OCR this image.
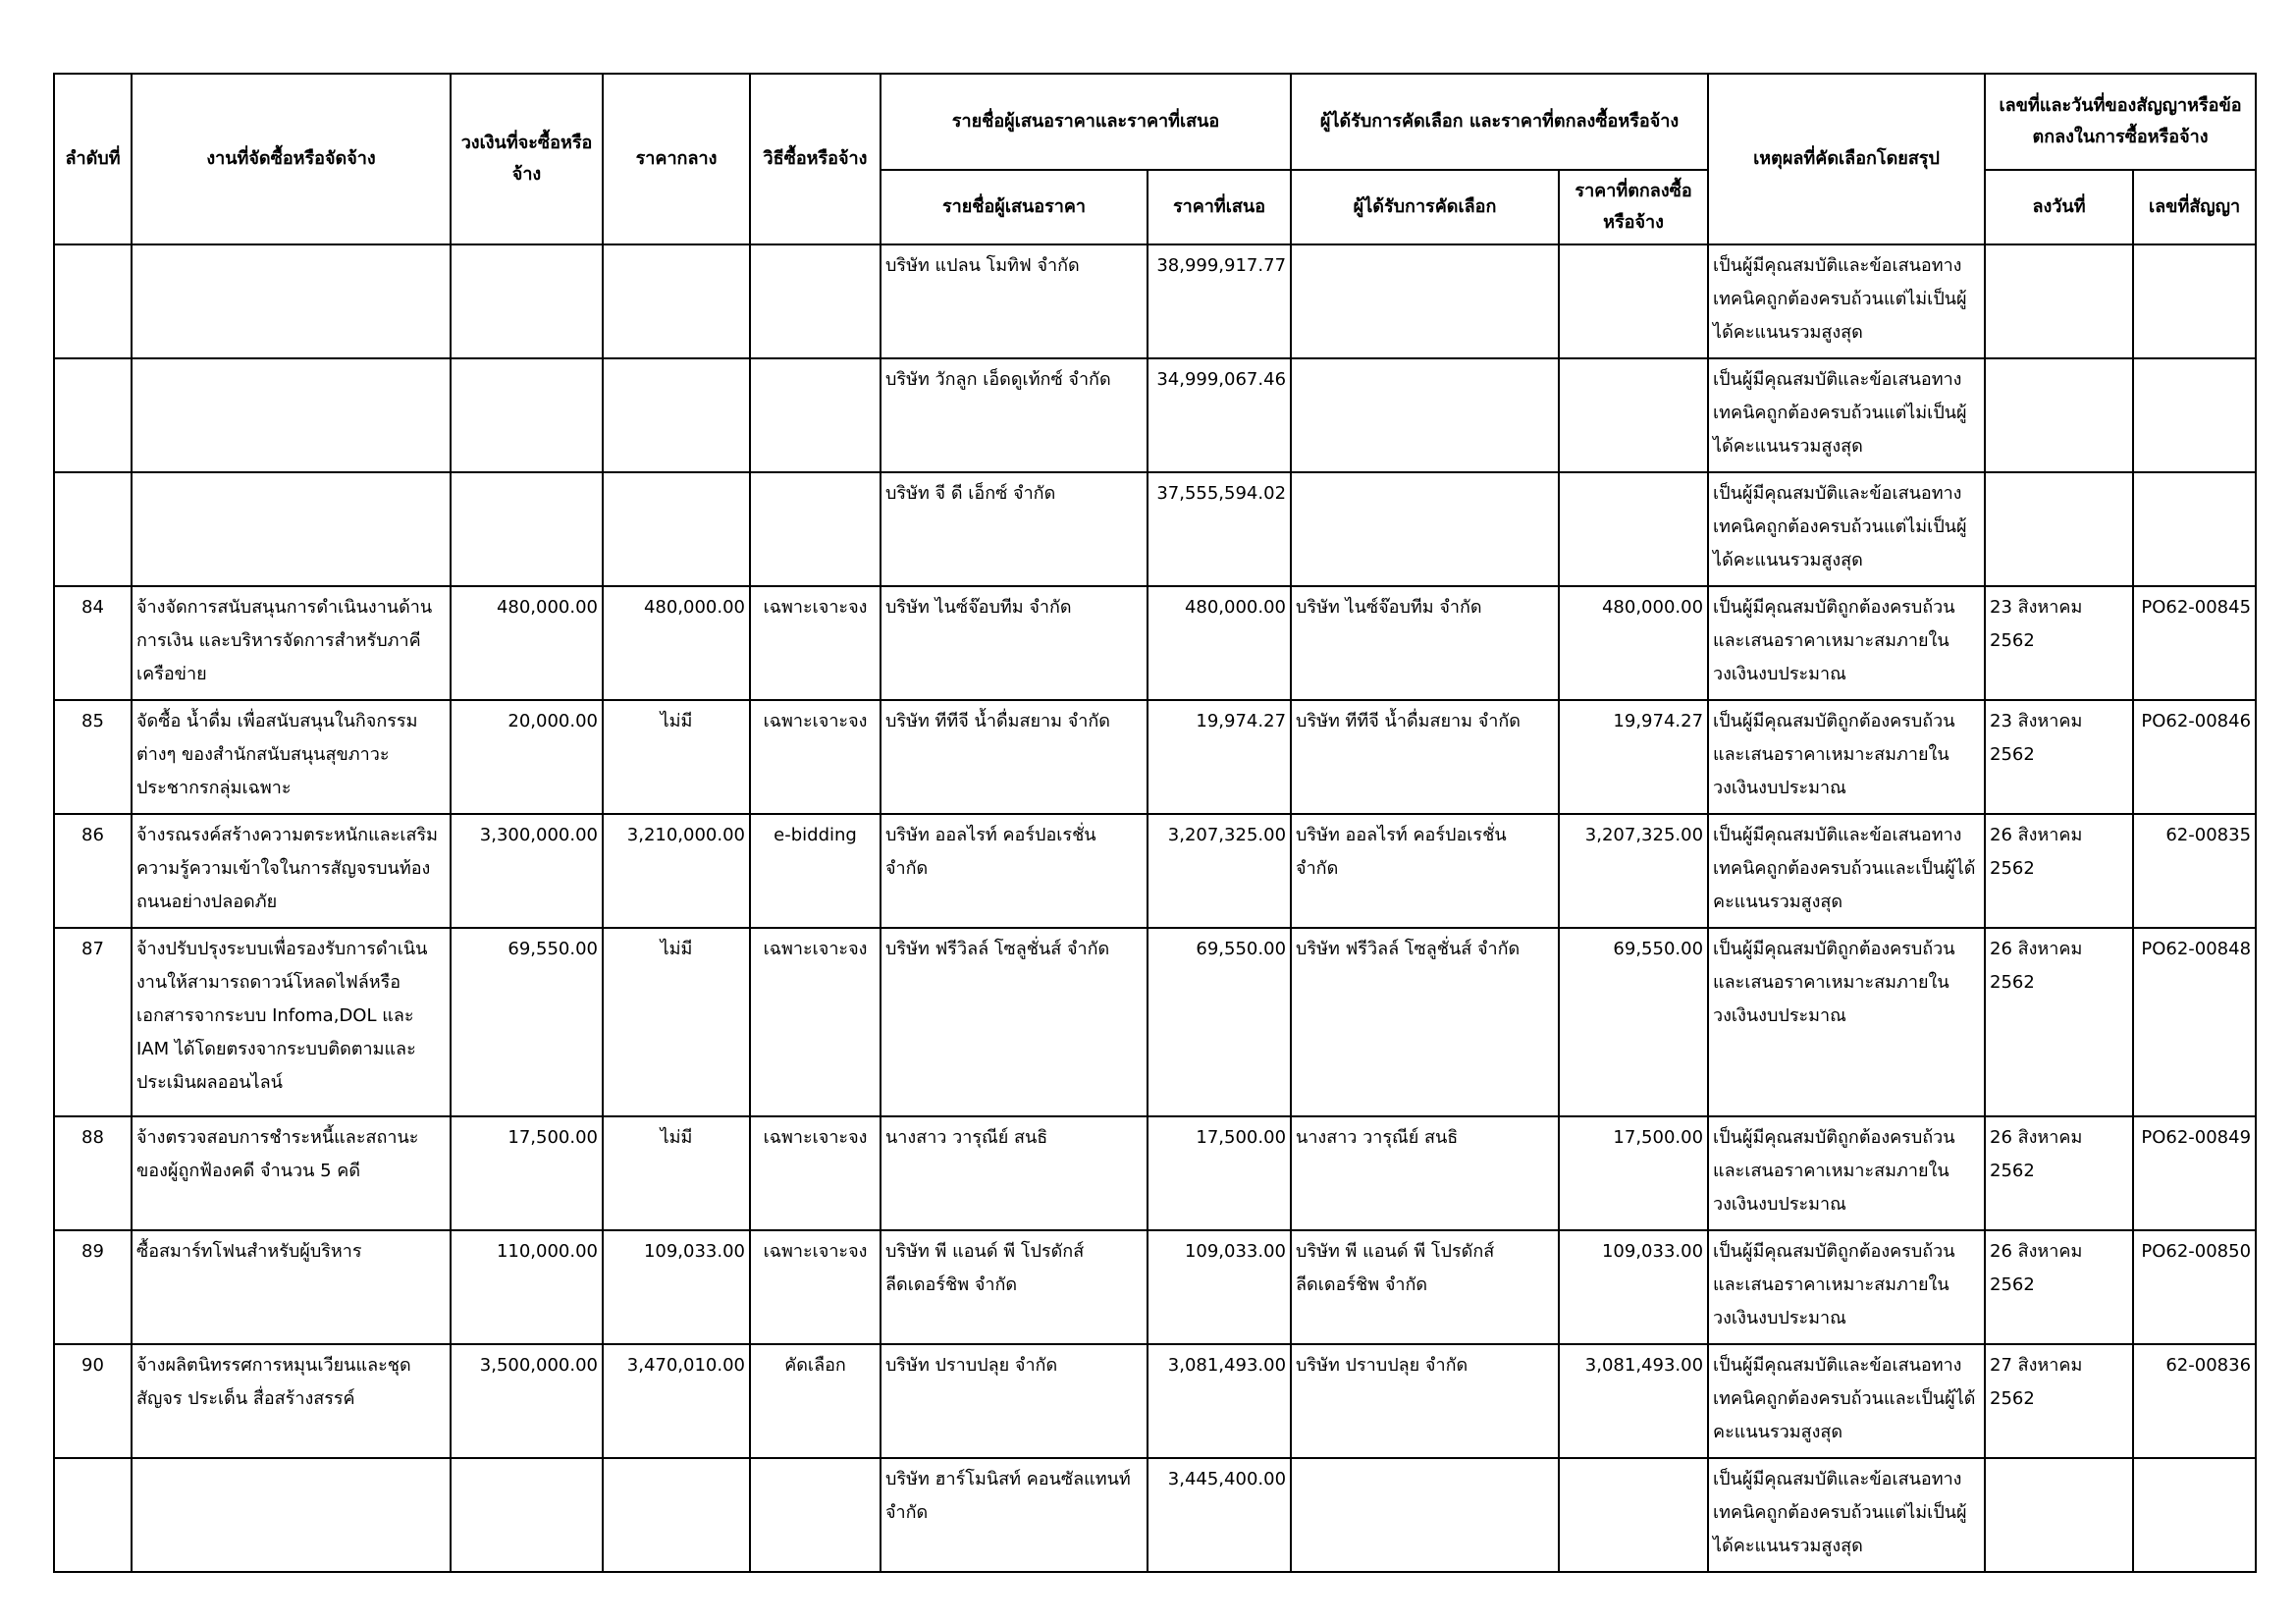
ลำดับที่	งานที่จัดซื้อหรือจัดจ้าง	วงเงินที่จะซื้อหรือจ้าง	ราคากลาง	วิธีซื้อหรือจ้าง	รายชื่อผู้เสนอราคาและราคาที่เสนอ		ผู้ได้รับการคัดเลือก และราคาที่ตกลงซื้อหรือจ้าง		เหตุผลที่คัดเลือกโดยสรุป	เลขที่และวันที่ของสัญญาหรือข้อตกลงในการซื้อหรือจ้าง	
					รายชื่อผู้เสนอราคา	ราคาที่เสนอ	ผู้ได้รับการคัดเลือก	ราคาที่ตกลงซื้อหรือจ้าง		ลงวันที่	เลขที่สัญญา
					บริษัท แปลน โมทิฟ จำกัด	38,999,917.77			เป็นผู้มีคุณสมบัติและข้อเสนอทางเทคนิคถูกต้องครบถ้วนแต่ไม่เป็นผู้ได้คะแนนรวมสูงสุด		
					บริษัท วักลูก เอ็ดดูเท้กซ์ จำกัด	34,999,067.46			เป็นผู้มีคุณสมบัติและข้อเสนอทางเทคนิคถูกต้องครบถ้วนแต่ไม่เป็นผู้ได้คะแนนรวมสูงสุด		
					บริษัท จี ดี เอ็กซ์ จำกัด	37,555,594.02			เป็นผู้มีคุณสมบัติและข้อเสนอทางเทคนิคถูกต้องครบถ้วนแต่ไม่เป็นผู้ได้คะแนนรวมสูงสุด		
84	จ้างจัดการสนับสนุนการดำเนินงานด้านการเงิน และบริหารจัดการสำหรับภาคีเครือข่าย	480,000.00	480,000.00	เฉพาะเจาะจง	บริษัท ไนซ์จ๊อบทีม จำกัด	480,000.00	บริษัท ไนซ์จ๊อบทีม จำกัด	480,000.00	เป็นผู้มีคุณสมบัติถูกต้องครบถ้วนและเสนอราคาเหมาะสมภายในวงเงินงบประมาณ	23 สิงหาคม 2562	PO62-00845
85	จัดซื้อ น้ำดื่ม เพื่อสนับสนุนในกิจกรรมต่างๆ ของสำนักสนับสนุนสุขภาวะประชากรกลุ่มเฉพาะ	20,000.00	ไม่มี	เฉพาะเจาะจง	บริษัท ทีทีจี น้ำดื่มสยาม จำกัด	19,974.27	บริษัท ทีทีจี น้ำดื่มสยาม จำกัด	19,974.27	เป็นผู้มีคุณสมบัติถูกต้องครบถ้วนและเสนอราคาเหมาะสมภายในวงเงินงบประมาณ	23 สิงหาคม 2562	PO62-00846
86	จ้างรณรงค์สร้างความตระหนักและเสริมความรู้ความเข้าใจในการสัญจรบนท้องถนนอย่างปลอดภัย	3,300,000.00	3,210,000.00	e-bidding	บริษัท ออลไรท์ คอร์ปอเรชั่น จำกัด	3,207,325.00	บริษัท ออลไรท์ คอร์ปอเรชั่น จำกัด	3,207,325.00	เป็นผู้มีคุณสมบัติและข้อเสนอทางเทคนิคถูกต้องครบถ้วนและเป็นผู้ได้คะแนนรวมสูงสุด	26 สิงหาคม 2562	62-00835
87	จ้างปรับปรุงระบบเพื่อรองรับการดำเนินงานให้สามารถดาวน์โหลดไฟล์หรือเอกสารจากระบบ Infoma,DOL และ IAM ได้โดยตรงจากระบบติดตามและประเมินผลออนไลน์	69,550.00	ไม่มี	เฉพาะเจาะจง	บริษัท ฟรีวิลล์ โซลูชั่นส์ จำกัด	69,550.00	บริษัท ฟรีวิลล์ โซลูชั่นส์ จำกัด	69,550.00	เป็นผู้มีคุณสมบัติถูกต้องครบถ้วนและเสนอราคาเหมาะสมภายในวงเงินงบประมาณ	26 สิงหาคม 2562	PO62-00848
88	จ้างตรวจสอบการชำระหนี้และสถานะของผู้ถูกฟ้องคดี จำนวน 5 คดี	17,500.00	ไม่มี	เฉพาะเจาะจง	นางสาว วารุณีย์ สนธิ	17,500.00	นางสาว วารุณีย์ สนธิ	17,500.00	เป็นผู้มีคุณสมบัติถูกต้องครบถ้วนและเสนอราคาเหมาะสมภายในวงเงินงบประมาณ	26 สิงหาคม 2562	PO62-00849
89	ซื้อสมาร์ทโฟนสำหรับผู้บริหาร	110,000.00	109,033.00	เฉพาะเจาะจง	บริษัท พี แอนด์ พี โปรดักส์ ลีดเดอร์ชิพ จำกัด	109,033.00	บริษัท พี แอนด์ พี โปรดักส์ ลีดเดอร์ชิพ จำกัด	109,033.00	เป็นผู้มีคุณสมบัติถูกต้องครบถ้วนและเสนอราคาเหมาะสมภายในวงเงินงบประมาณ	26 สิงหาคม 2562	PO62-00850
90	จ้างผลิตนิทรรศการหมุนเวียนและชุดสัญจร ประเด็น สื่อสร้างสรรค์	3,500,000.00	3,470,010.00	คัดเลือก	บริษัท ปราบปลุย จำกัด	3,081,493.00	บริษัท ปราบปลุย จำกัด	3,081,493.00	เป็นผู้มีคุณสมบัติและข้อเสนอทางเทคนิคถูกต้องครบถ้วนและเป็นผู้ได้คะแนนรวมสูงสุด	27 สิงหาคม 2562	62-00836
					บริษัท ฮาร์โมนิสท์ คอนซัลแทนท์ จำกัด	3,445,400.00			เป็นผู้มีคุณสมบัติและข้อเสนอทางเทคนิคถูกต้องครบถ้วนแต่ไม่เป็นผู้ได้คะแนนรวมสูงสุด		
